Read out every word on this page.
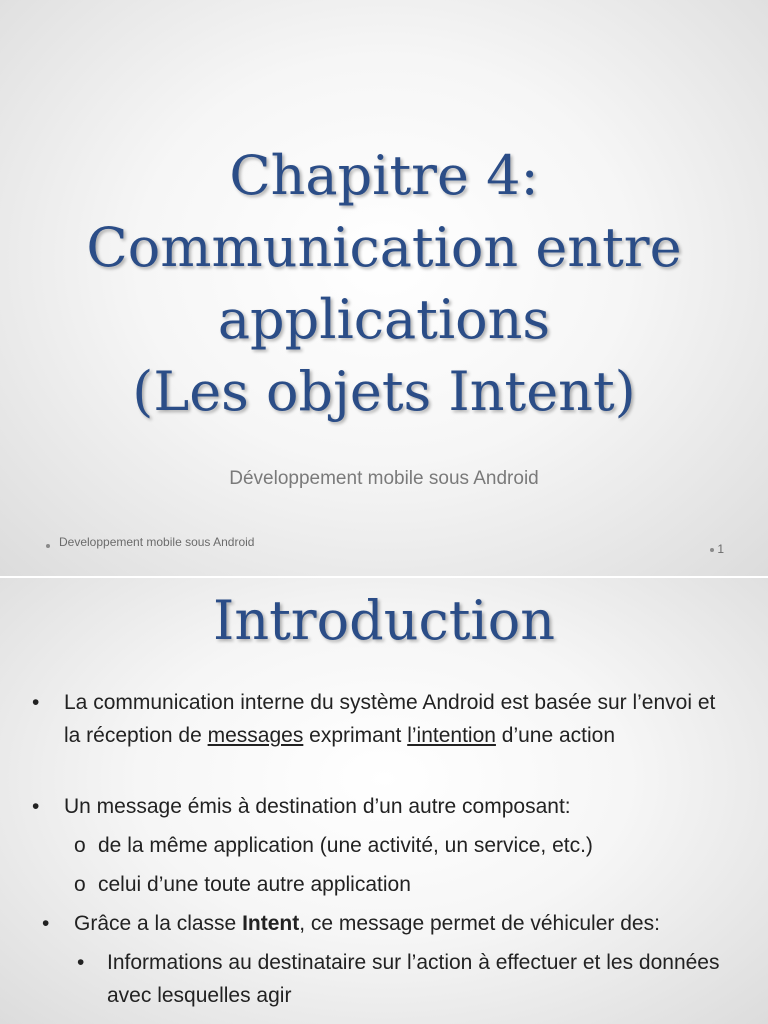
Chapitre 4:
Communication entre
applications
(Les objets Intent)
Développement mobile sous Android
Developpement mobile sous Android	1
Introduction
• La communication interne du système Android est basée sur l’envoi et la réception de messages exprimant l’intention d’une action
• Un message émis à destination d’un autre composant:
o de la même application (une activité, un service, etc.)
o celui d’une toute autre application
• Grâce a la classe Intent, ce message permet de véhiculer des:
• Informations au destinataire sur l’action à effectuer et les données avec lesquelles agir
